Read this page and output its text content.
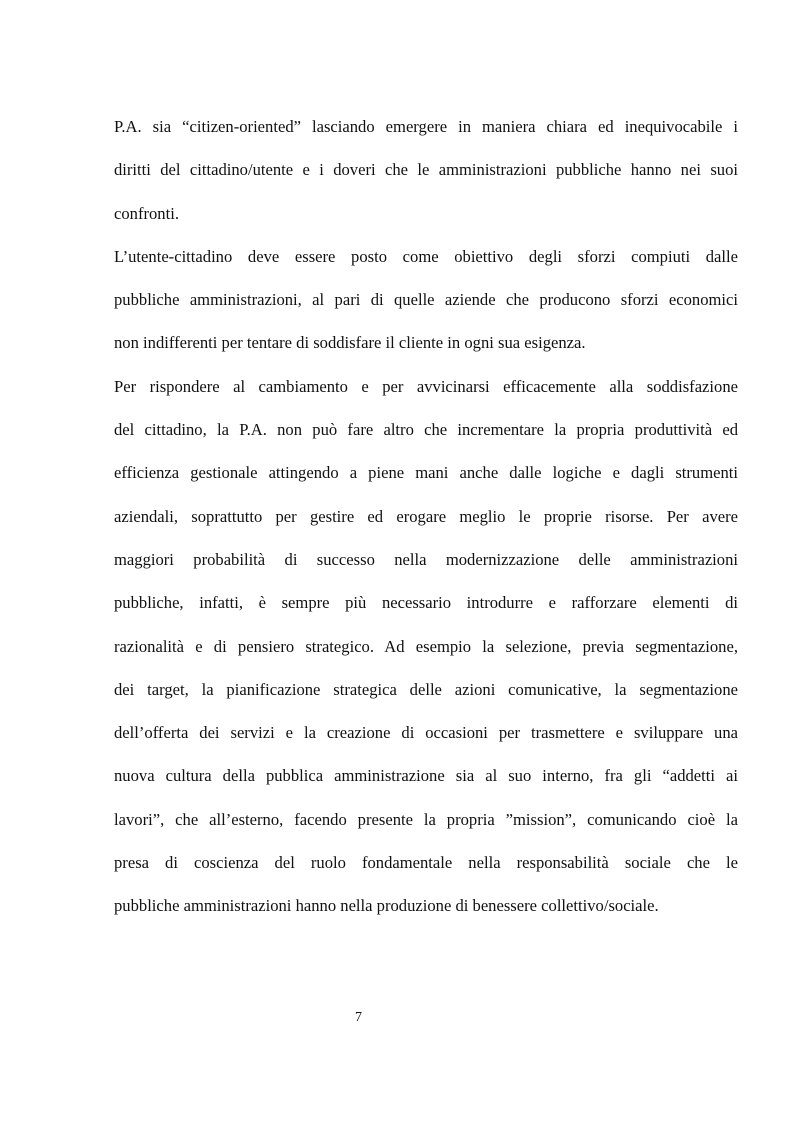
P.A. sia “citizen-oriented” lasciando emergere in maniera chiara ed inequivocabile i
diritti del cittadino/utente e i doveri che le amministrazioni pubbliche hanno nei suoi
confronti.
L’utente-cittadino deve essere posto come obiettivo degli sforzi compiuti dalle
pubbliche amministrazioni, al pari di quelle aziende che producono sforzi economici
non indifferenti per tentare di soddisfare il cliente in ogni sua esigenza.
Per rispondere al cambiamento e per avvicinarsi efficacemente alla soddisfazione
del cittadino, la P.A. non può fare altro che incrementare la propria produttività ed
efficienza gestionale attingendo a piene mani anche dalle logiche e dagli strumenti
aziendali, soprattutto per gestire ed erogare meglio le proprie risorse. Per avere
maggiori probabilità di successo nella modernizzazione delle amministrazioni
pubbliche, infatti, è sempre più necessario introdurre e rafforzare elementi di
razionalità e di pensiero strategico. Ad esempio la selezione, previa segmentazione,
dei target, la pianificazione strategica delle azioni comunicative, la segmentazione
dell’offerta dei servizi e la creazione di occasioni per trasmettere e sviluppare una
nuova cultura della pubblica amministrazione sia al suo interno, fra gli “addetti ai
lavori”, che all’esterno, facendo presente la propria ”mission”, comunicando cioè la
presa di coscienza del ruolo fondamentale nella responsabilità sociale che le
pubbliche amministrazioni hanno nella produzione di benessere collettivo/sociale.
7
